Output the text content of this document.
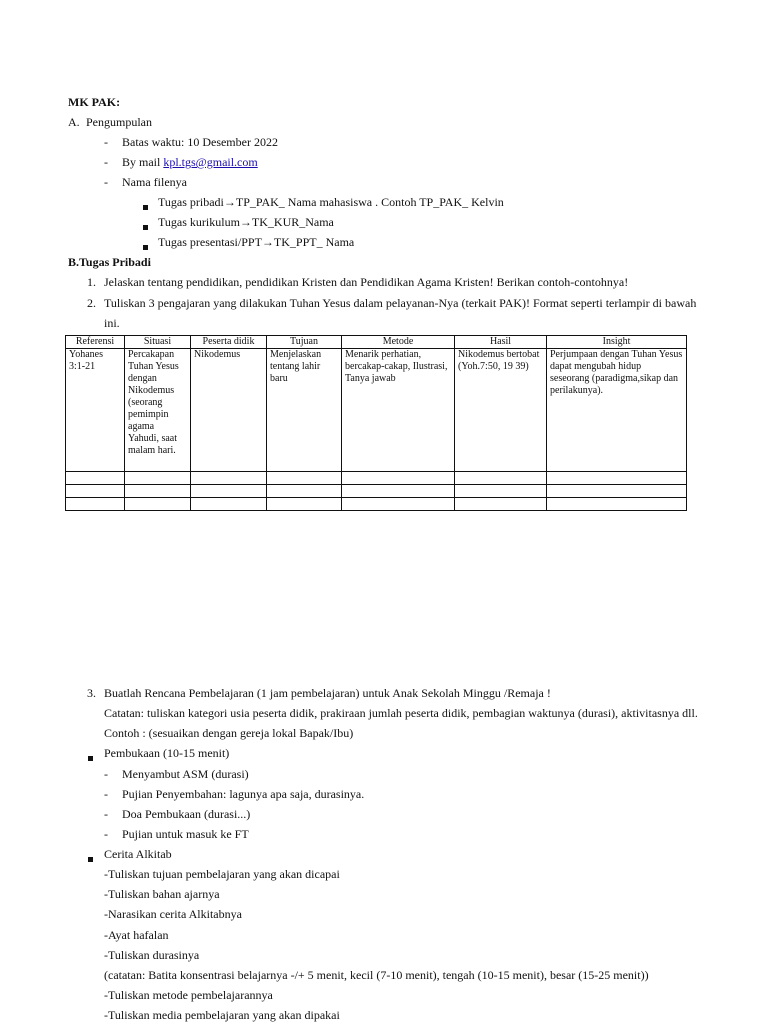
MK PAK:
A. Pengumpulan
- Batas waktu: 10 Desember 2022
- By mail kpl.tgs@gmail.com
- Nama filenya
Tugas pribadi→TP_PAK_ Nama mahasiswa . Contoh TP_PAK_ Kelvin
Tugas kurikulum→TK_KUR_Nama
Tugas presentasi/PPT→TK_PPT_ Nama
B.Tugas Pribadi
1. Jelaskan tentang pendidikan, pendidikan Kristen dan Pendidikan Agama Kristen! Berikan contoh-contohnya!
2. Tuliskan 3 pengajaran yang dilakukan Tuhan Yesus dalam pelayanan-Nya (terkait PAK)! Format seperti terlampir di bawah
ini.
Referensi	Situasi	Peserta didik	Tujuan	Metode	Hasil	Insight
Yohanes 3:1-21	Percakapan Tuhan Yesus dengan Nikodemus (seorang pemimpin agama Yahudi, saat malam hari.	Nikodemus	Menjelaskan tentang lahir baru	Menarik perhatian, bercakap-cakap, Ilustrasi, Tanya jawab	Nikodemus bertobat (Yoh.7:50, 19 39)	Perjumpaan dengan Tuhan Yesus dapat mengubah hidup seseorang (paradigma,sikap dan perilakunya).

3. Buatlah Rencana Pembelajaran (1 jam pembelajaran) untuk Anak Sekolah Minggu /Remaja !
Catatan: tuliskan kategori usia peserta didik, prakiraan jumlah peserta didik, pembagian waktunya (durasi), aktivitasnya dll.
Contoh : (sesuaikan dengan gereja lokal Bapak/Ibu)
Pembukaan (10-15 menit)
- Menyambut ASM (durasi)
- Pujian Penyembahan: lagunya apa saja, durasinya.
- Doa Pembukaan (durasi...)
- Pujian untuk masuk ke FT
Cerita Alkitab
-Tuliskan tujuan pembelajaran yang akan dicapai
-Tuliskan bahan ajarnya
-Narasikan cerita Alkitabnya
-Ayat hafalan
-Tuliskan durasinya
(catatan: Batita konsentrasi belajarnya -/+ 5 menit, kecil (7-10 menit), tengah (10-15 menit), besar (15-25 menit))
-Tuliskan metode pembelajarannya
-Tuliskan media pembelajaran yang akan dipakai
